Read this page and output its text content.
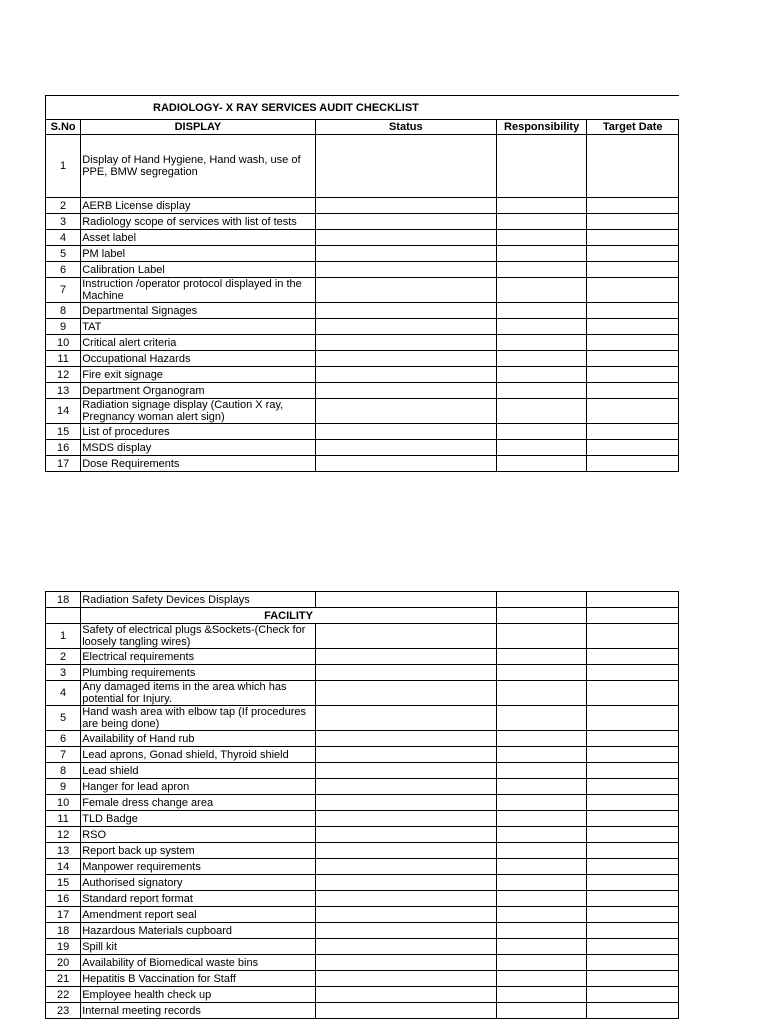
RADIOLOGY- X RAY SERVICES AUDIT CHECKLIST				
S.No	DISPLAY	Status	Responsibility	Target Date
1	Display of Hand Hygiene, Hand wash, use of PPE, BMW segregation			
2	AERB License display			
3	Radiology scope of services with list of tests			
4	Asset label			
5	PM label			
6	Calibration Label			
7	Instruction /operator protocol displayed in the Machine			
8	Departmental Signages			
9	TAT			
10	Critical alert criteria			
11	Occupational Hazards			
12	Fire exit signage			
13	Department Organogram			
14	Radiation signage display (Caution X ray, Pregnancy woman alert sign)			
15	List of procedures			
16	MSDS display			
17	Dose Requirements			
18	Radiation Safety Devices Displays			
	FACILITY			
1	Safety of electrical plugs &Sockets-(Check for loosely tangling wires)			
2	Electrical requirements			
3	Plumbing requirements			
4	Any damaged items in the area which has potential for Injury.			
5	Hand wash area with elbow tap (If procedures are being done)			
6	Availability of Hand rub			
7	Lead aprons, Gonad shield, Thyroid shield			
8	Lead shield			
9	Hanger for lead apron			
10	Female dress change area			
11	TLD Badge			
12	RSO			
13	Report back up system			
14	Manpower requirements			
15	Authorised signatory			
16	Standard report format			
17	Amendment report seal			
18	Hazardous Materials cupboard			
19	Spill kit			
20	Availability of Biomedical waste bins			
21	Hepatitis B Vaccination for Staff			
22	Employee health check up			
23	Internal meeting records			
